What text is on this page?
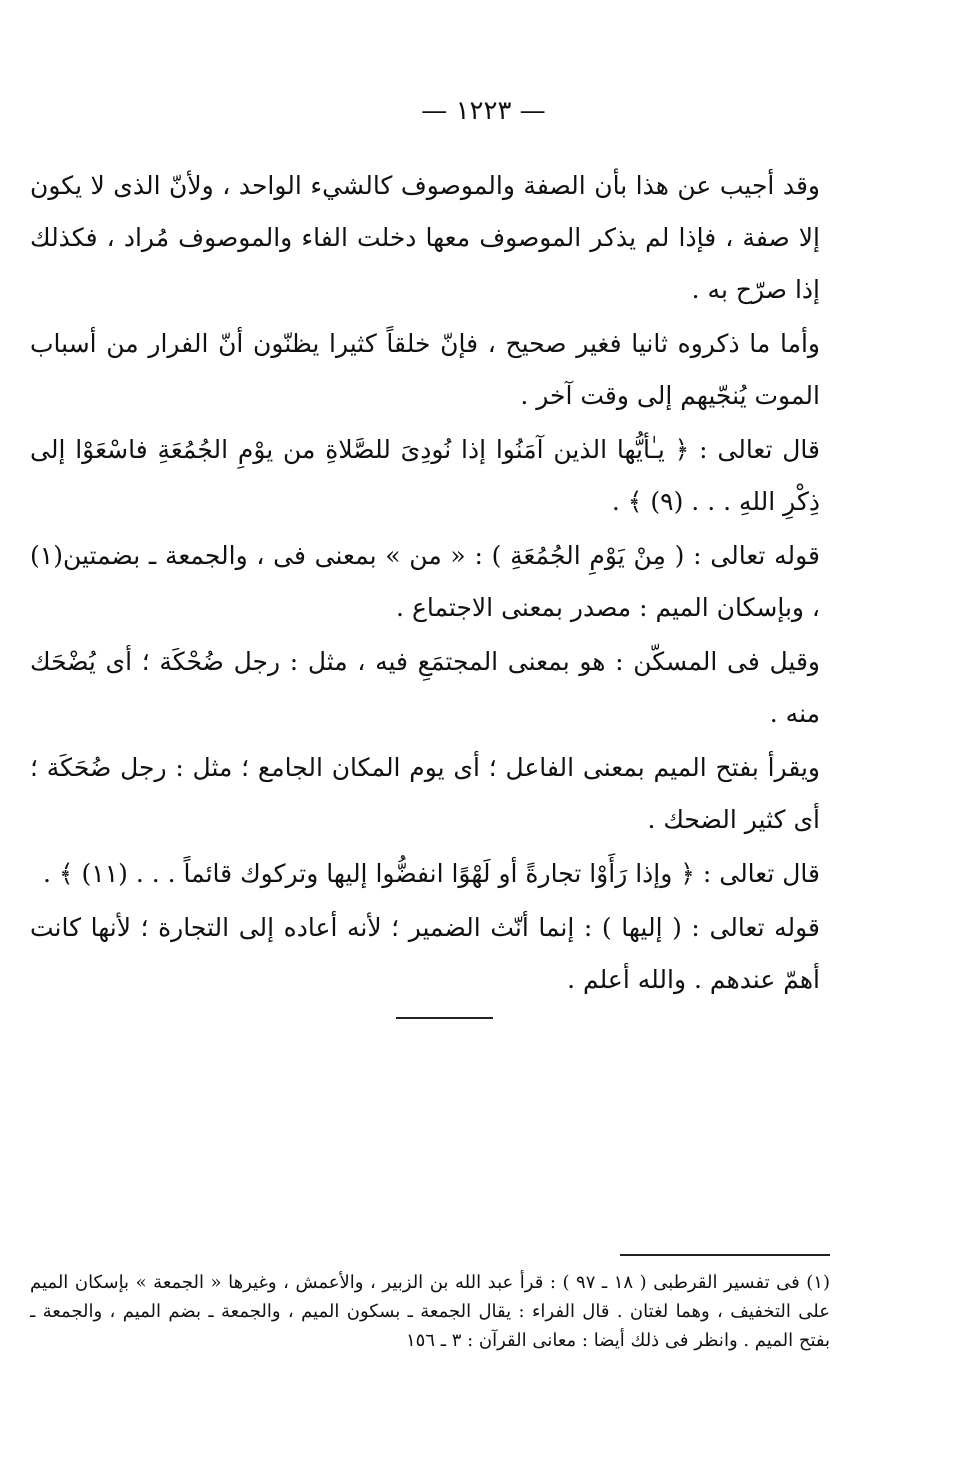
— ١٢٢٣ —

وقد أجيب عن هذا بأن الصفة والموصوف كالشيء الواحد ، ولأنّ الذى لا يكون إلا صفة ، فإذا لم يذكر الموصوف معها دخلت الفاء والموصوف مُراد ، فكذلك إذا صرّح به .

وأما ما ذكروه ثانيا فغير صحيح ، فإنّ خلقاً كثيرا يظنّون أنّ الفرار من أسباب الموت يُنجّيهم إلى وقت آخر .

قال تعالى : ﴿ يـٰأيُّها الذين آمَنُوا إذا نُودِىَ للصَّلاةِ من يوْمِ الجُمُعَةِ فاسْعَوْا إلى ذِكْرِ اللهِ . . . (٩) ﴾ .

قوله تعالى : ( مِنْ يَوْمِ الجُمُعَةِ ) : « من » بمعنى فى ، والجمعة ـ بضمتين(١) ، وبإسكان الميم : مصدر بمعنى الاجتماع .

وقيل فى المسكّن : هو بمعنى المجتمَعِ فيه ، مثل : رجل ضُحْكَة ؛ أى يُضْحَك منه .

ويقرأ بفتح الميم بمعنى الفاعل ؛ أى يوم المكان الجامع ؛ مثل : رجل ضُحَكَة ؛ أى كثير الضحك .

قال تعالى : ﴿ وإذا رَأَوْا تجارةً أو لَهْوًا انفضُّوا إليها وتركوك قائماً . . . (١١) ﴾ .

قوله تعالى : ( إليها ) : إنما أنّث الضمير ؛ لأنه أعاده إلى التجارة ؛ لأنها كانت أهمّ عندهم . والله أعلم .

(١) فى تفسير القرطبى ( ١٨ ـ ٩٧ ) : قرأ عبد الله بن الزبير ، والأعمش ، وغيرها « الجمعة » بإسكان الميم على التخفيف ، وهما لغتان . قال الفراء : يقال الجمعة ـ بسكون الميم ، والجمعة ـ بضم الميم ، والجمعة ـ بفتح الميم . وانظر فى ذلك أيضا : معانى القرآن : ٣ ـ ١٥٦
